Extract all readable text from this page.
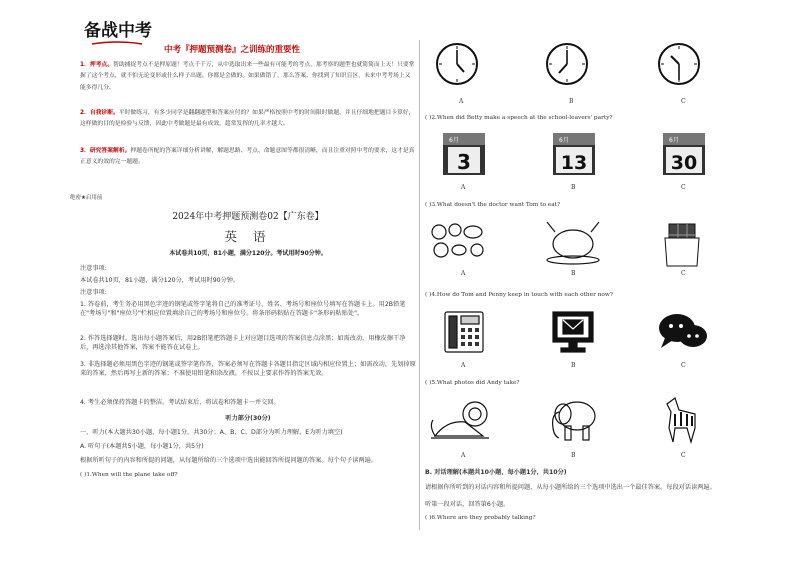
备战中考
中考『押题预测卷』之训练的重要性
1．押考点。帮助捕捉考点不是押原题！考点千千万，从中选取出来一些最有可能考的考点，那考察的题型也就简简而上天！只要掌握了这个考点，就不怕无论变形或什么样子出题。你都是会做的。如果做错了，那么答案，你找到了知识盲区，未来中考考场上又能多得几分。
2．自我诊断。平时做练习，有多少同学是翻翻题型和答案应付的？如果严格按照中考的时间限时做题，并且仔细地把题目卡算好，这样做的目的是检验与反馈，因此中考做题是最有成效，超常发挥的几率才越大。
3．研究答案解析。押题卷所配的答案详细分析讲解，解题思路、考点、命题意图等都很清晰，而且注重对照中考的要求，这才是真正意义的效的完一题题。
绝密★启用前
2024年中考押题预测卷02【广东卷】
英 语
本试卷共10页，81小题，满分120分。考试用时90分钟。
注意事项:
本试卷共10页，81小题，满分120分，考试用时90分钟。
注意事项:
1. 答卷前，考生务必用黑色字迹的钢笔或签字笔将自己的准考证号、姓名、考场号和座位号填写在答题卡上。用2B铅笔在"考场号"和"座位号"栏相应位置填涂自己的考场号和座位号。将条形码粘贴在答题卡"条形码粘贴处"。
2. 作答选择题时，选出每小题答案后，用2B铅笔把答题卡上对应题目选项的答案信息点涂黑；如需改动，用橡皮擦干净后，再选涂其他答案，答案不能答在试卷上。
3. 非选择题必须用黑色字迹的钢笔或签字笔作答，答案必须写在答题卡各题目指定区域内相应位置上；如需改动，先划掉原来的答案，然后再写上新的答案；不准使用铅笔和涂改液。不按以上要求作答的答案无效。
4. 考生必须保持答题卡的整洁。考试结束后，将试卷和答题卡一并交回。
听力部分(30分)
一、听力(本大题共30小题，每小题1分，共30分；A、B、C、D部分为听力理解，E为听力填空)
A. 听句子(本题共5小题，每小题1分，共5分)
根据所听句子的内容和所提的问题，从每题所给的三个选项中选出能回答所提问题的答案。每个句子读两遍。
( )1.When will the plane take off?
A	B	C
( )2.When did Betty make a speech at the school-leavers' party?
6月
3
6月
13
6月
30
A	B	C
( )3.What doesn't the doctor want Tom to eat?
A	B	C
( )4.How do Tom and Penny keep in touch with each other now?
A	B	C
( )5.What photos did Andy take?
A	B	C
B. 对话理解(本题共10小题，每小题1分，共10分)
请根据你所听到的对话内容和所提问题，从每小题所给的三个选项中选出一个最佳答案。每段对话读两遍。
听第一段对话，回答第6小题。
( )6.Where are they probably talking?
